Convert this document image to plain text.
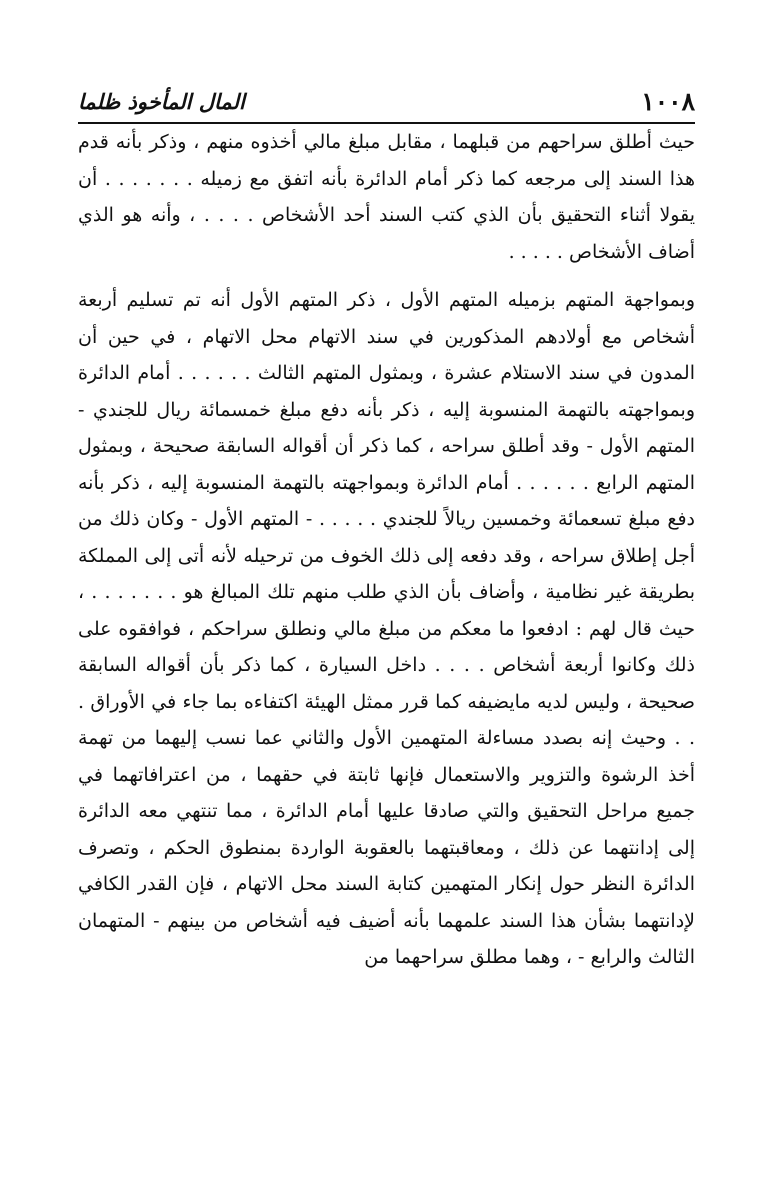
١٠٠٨
المال المأخوذ ظلما

حيث أطلق سراحهم من قبلهما ، مقابل مبلغ مالي أخذوه منهم ، وذكر بأنه قدم هذا السند إلى مرجعه كما ذكر أمام الدائرة بأنه اتفق مع زميله . . . . . . . أن يقولا أثناء التحقيق بأن الذي كتب السند أحد الأشخاص . . . . ، وأنه هو الذي أضاف الأشخاص . . . . .

وبمواجهة المتهم بزميله المتهم الأول ، ذكر المتهم الأول أنه تم تسليم أربعة أشخاص مع أولادهم المذكورين في سند الاتهام محل الاتهام ، في حين أن المدون في سند الاستلام عشرة ، وبمثول المتهم الثالث . . . . . . أمام الدائرة وبمواجهته بالتهمة المنسوبة إليه ، ذكر بأنه دفع مبلغ خمسمائة ريال للجندي - المتهم الأول - وقد أطلق سراحه ، كما ذكر أن أقواله السابقة صحيحة ، وبمثول المتهم الرابع . . . . . . أمام الدائرة وبمواجهته بالتهمة المنسوبة إليه ، ذكر بأنه دفع مبلغ تسعمائة وخمسين ريالاً للجندي . . . . . - المتهم الأول - وكان ذلك من أجل إطلاق سراحه ، وقد دفعه إلى ذلك الخوف من ترحيله لأنه أتى إلى المملكة بطريقة غير نظامية ، وأضاف بأن الذي طلب منهم تلك المبالغ هو . . . . . . . ، حيث قال لهم : ادفعوا ما معكم من مبلغ مالي ونطلق سراحكم ، فوافقوه على ذلك وكانوا أربعة أشخاص . . . . داخل السيارة ، كما ذكر بأن أقواله السابقة صحيحة ، وليس لديه مايضيفه كما قرر ممثل الهيئة اكتفاءه بما جاء في الأوراق . . . وحيث إنه بصدد مساءلة المتهمين الأول والثاني عما نسب إليهما من تهمة أخذ الرشوة والتزوير والاستعمال فإنها ثابتة في حقهما ، من اعترافاتهما في جميع مراحل التحقيق والتي صادقا عليها أمام الدائرة ، مما تنتهي معه الدائرة إلى إدانتهما عن ذلك ، ومعاقبتهما بالعقوبة الواردة بمنطوق الحكم ، وتصرف الدائرة النظر حول إنكار المتهمين كتابة السند محل الاتهام ، فإن القدر الكافي لإدانتهما بشأن هذا السند علمهما بأنه أضيف فيه أشخاص من بينهم - المتهمان الثالث والرابع - ، وهما مطلق سراحهما من
